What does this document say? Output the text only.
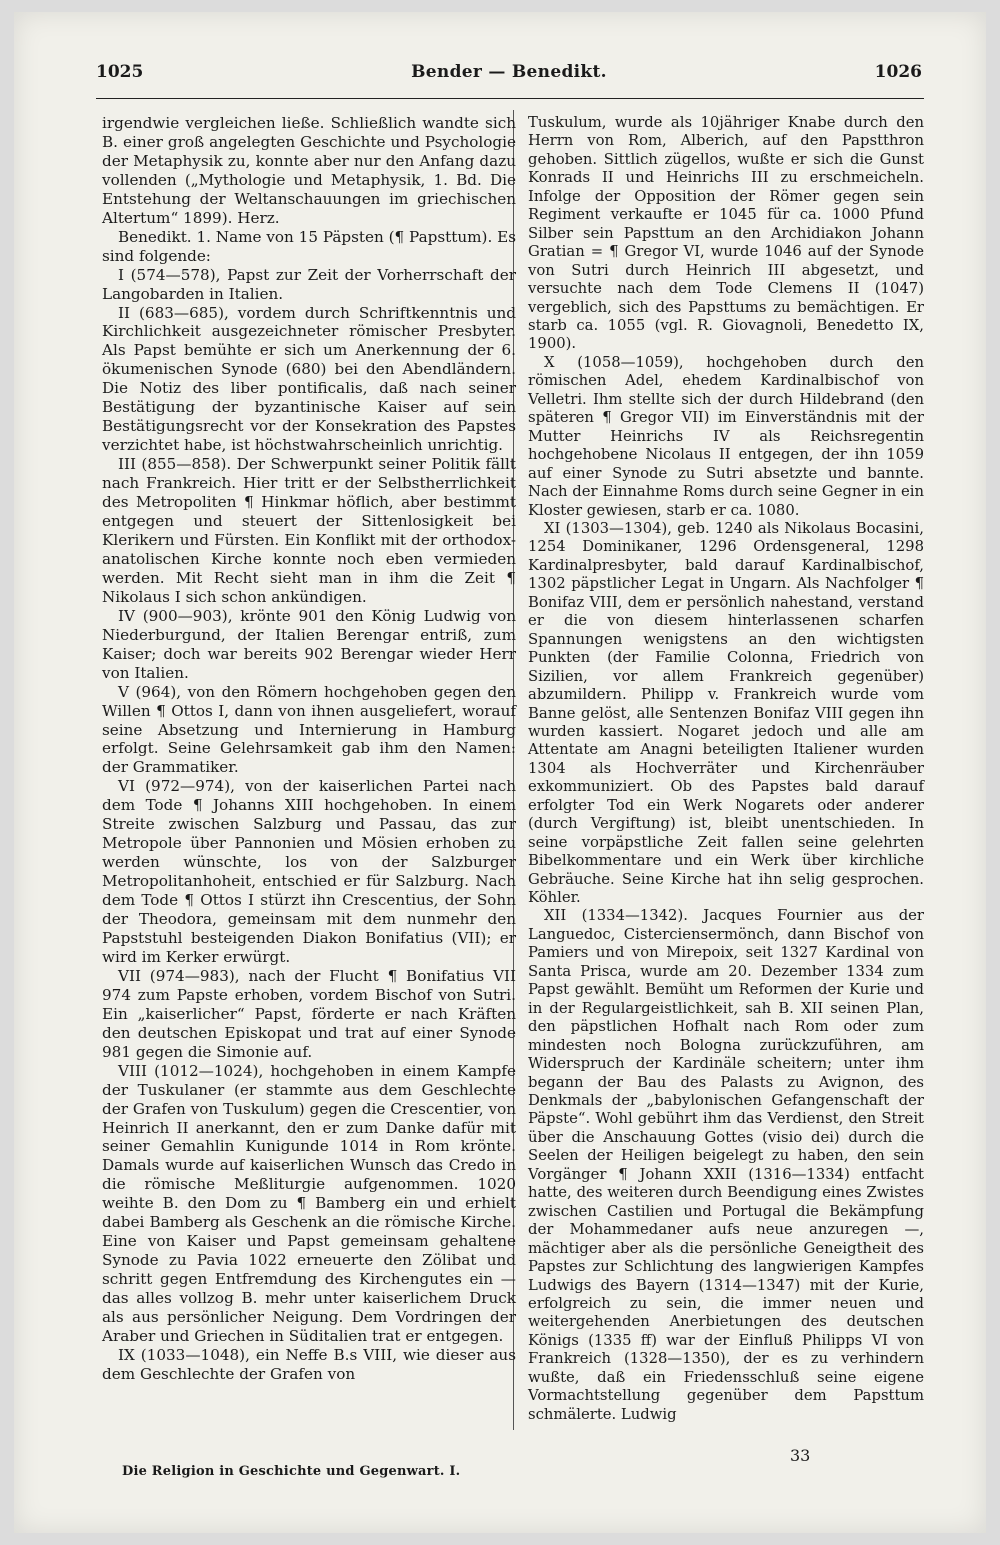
1025	Bender — Benedikt.	1026

irgendwie vergleichen ließe. Schließlich wandte sich B. einer groß angelegten Geschichte und Psychologie der Metaphysik zu, konnte aber nur den Anfang dazu vollenden („Mythologie und Metaphysik, 1. Bd. Die Entstehung der Weltanschauungen im griechischen Altertum“ 1899). Herz.

Benedikt. 1. Name von 15 Päpsten (¶ Papsttum). Es sind folgende:

I (574—578), Papst zur Zeit der Vorherrschaft der Langobarden in Italien.

II (683—685), vordem durch Schriftkenntnis und Kirchlichkeit ausgezeichneter römischer Presbyter. Als Papst bemühte er sich um Anerkennung der 6. ökumenischen Synode (680) bei den Abendländern. Die Notiz des liber pontificalis, daß nach seiner Bestätigung der byzantinische Kaiser auf sein Bestätigungsrecht vor der Konsekration des Papstes verzichtet habe, ist höchstwahrscheinlich unrichtig.

III (855—858). Der Schwerpunkt seiner Politik fällt nach Frankreich. Hier tritt er der Selbstherrlichkeit des Metropoliten ¶ Hinkmar höflich, aber bestimmt entgegen und steuert der Sittenlosigkeit bei Klerikern und Fürsten. Ein Konflikt mit der orthodox-anatolischen Kirche konnte noch eben vermieden werden. Mit Recht sieht man in ihm die Zeit ¶ Nikolaus I sich schon ankündigen.

IV (900—903), krönte 901 den König Ludwig von Niederburgund, der Italien Berengar entriß, zum Kaiser; doch war bereits 902 Berengar wieder Herr von Italien.

V (964), von den Römern hochgehoben gegen den Willen ¶ Ottos I, dann von ihnen ausgeliefert, worauf seine Absetzung und Internierung in Hamburg erfolgt. Seine Gelehrsamkeit gab ihm den Namen: der Grammatiker.

VI (972—974), von der kaiserlichen Partei nach dem Tode ¶ Johanns XIII hochgehoben. In einem Streite zwischen Salzburg und Passau, das zur Metropole über Pannonien und Mösien erhoben zu werden wünschte, los von der Salzburger Metropolitanhoheit, entschied er für Salzburg. Nach dem Tode ¶ Ottos I stürzt ihn Crescentius, der Sohn der Theodora, gemeinsam mit dem nunmehr den Papststuhl besteigenden Diakon Bonifatius (VII); er wird im Kerker erwürgt.

VII (974—983), nach der Flucht ¶ Bonifatius VII 974 zum Papste erhoben, vordem Bischof von Sutri. Ein „kaiserlicher“ Papst, förderte er nach Kräften den deutschen Episkopat und trat auf einer Synode 981 gegen die Simonie auf.

VIII (1012—1024), hochgehoben in einem Kampfe der Tuskulaner (er stammte aus dem Geschlechte der Grafen von Tuskulum) gegen die Crescentier, von Heinrich II anerkannt, den er zum Danke dafür mit seiner Gemahlin Kunigunde 1014 in Rom krönte. Damals wurde auf kaiserlichen Wunsch das Credo in die römische Meßliturgie aufgenommen. 1020 weihte B. den Dom zu ¶ Bamberg ein und erhielt dabei Bamberg als Geschenk an die römische Kirche. Eine von Kaiser und Papst gemeinsam gehaltene Synode zu Pavia 1022 erneuerte den Zölibat und schritt gegen Entfremdung des Kirchengutes ein — das alles vollzog B. mehr unter kaiserlichem Druck als aus persönlicher Neigung. Dem Vordringen der Araber und Griechen in Süditalien trat er entgegen.

IX (1033—1048), ein Neffe B.s VIII, wie dieser aus dem Geschlechte der Grafen von

Tuskulum, wurde als 10jähriger Knabe durch den Herrn von Rom, Alberich, auf den Papstthron gehoben. Sittlich zügellos, wußte er sich die Gunst Konrads II und Heinrichs III zu erschmeicheln. Infolge der Opposition der Römer gegen sein Regiment verkaufte er 1045 für ca. 1000 Pfund Silber sein Papsttum an den Archidiakon Johann Gratian = ¶ Gregor VI, wurde 1046 auf der Synode von Sutri durch Heinrich III abgesetzt, und versuchte nach dem Tode Clemens II (1047) vergeblich, sich des Papsttums zu bemächtigen. Er starb ca. 1055 (vgl. R. Giovagnoli, Benedetto IX, 1900).

X (1058—1059), hochgehoben durch den römischen Adel, ehedem Kardinalbischof von Velletri. Ihm stellte sich der durch Hildebrand (den späteren ¶ Gregor VII) im Einverständnis mit der Mutter Heinrichs IV als Reichsregentin hochgehobene Nicolaus II entgegen, der ihn 1059 auf einer Synode zu Sutri absetzte und bannte. Nach der Einnahme Roms durch seine Gegner in ein Kloster gewiesen, starb er ca. 1080.

XI (1303—1304), geb. 1240 als Nikolaus Bocasini, 1254 Dominikaner, 1296 Ordensgeneral, 1298 Kardinalpresbyter, bald darauf Kardinalbischof, 1302 päpstlicher Legat in Ungarn. Als Nachfolger ¶ Bonifaz VIII, dem er persönlich nahestand, verstand er die von diesem hinterlassenen scharfen Spannungen wenigstens an den wichtigsten Punkten (der Familie Colonna, Friedrich von Sizilien, vor allem Frankreich gegenüber) abzumildern. Philipp v. Frankreich wurde vom Banne gelöst, alle Sentenzen Bonifaz VIII gegen ihn wurden kassiert. Nogaret jedoch und alle am Attentate am Anagni beteiligten Italiener wurden 1304 als Hochverräter und Kirchenräuber exkommuniziert. Ob des Papstes bald darauf erfolgter Tod ein Werk Nogarets oder anderer (durch Vergiftung) ist, bleibt unentschieden. In seine vorpäpstliche Zeit fallen seine gelehrten Bibelkommentare und ein Werk über kirchliche Gebräuche. Seine Kirche hat ihn selig gesprochen. Köhler.

XII (1334—1342). Jacques Fournier aus der Languedoc, Cisterciensermönch, dann Bischof von Pamiers und von Mirepoix, seit 1327 Kardinal von Santa Prisca, wurde am 20. Dezember 1334 zum Papst gewählt. Bemüht um Reformen der Kurie und in der Regulargeistlichkeit, sah B. XII seinen Plan, den päpstlichen Hofhalt nach Rom oder zum mindesten noch Bologna zurückzuführen, am Widerspruch der Kardinäle scheitern; unter ihm begann der Bau des Palasts zu Avignon, des Denkmals der „babylonischen Gefangenschaft der Päpste“. Wohl gebührt ihm das Verdienst, den Streit über die Anschauung Gottes (visio dei) durch die Seelen der Heiligen beigelegt zu haben, den sein Vorgänger ¶ Johann XXII (1316—1334) entfacht hatte, des weiteren durch Beendigung eines Zwistes zwischen Castilien und Portugal die Bekämpfung der Mohammedaner aufs neue anzuregen —, mächtiger aber als die persönliche Geneigtheit des Papstes zur Schlichtung des langwierigen Kampfes Ludwigs des Bayern (1314—1347) mit der Kurie, erfolgreich zu sein, die immer neuen und weitergehenden Anerbietungen des deutschen Königs (1335 ff) war der Einfluß Philipps VI von Frankreich (1328—1350), der es zu verhindern wußte, daß ein Friedensschluß seine eigene Vormachtstellung gegenüber dem Papsttum schmälerte. Ludwig

33
Die Religion in Geschichte und Gegenwart. I.
